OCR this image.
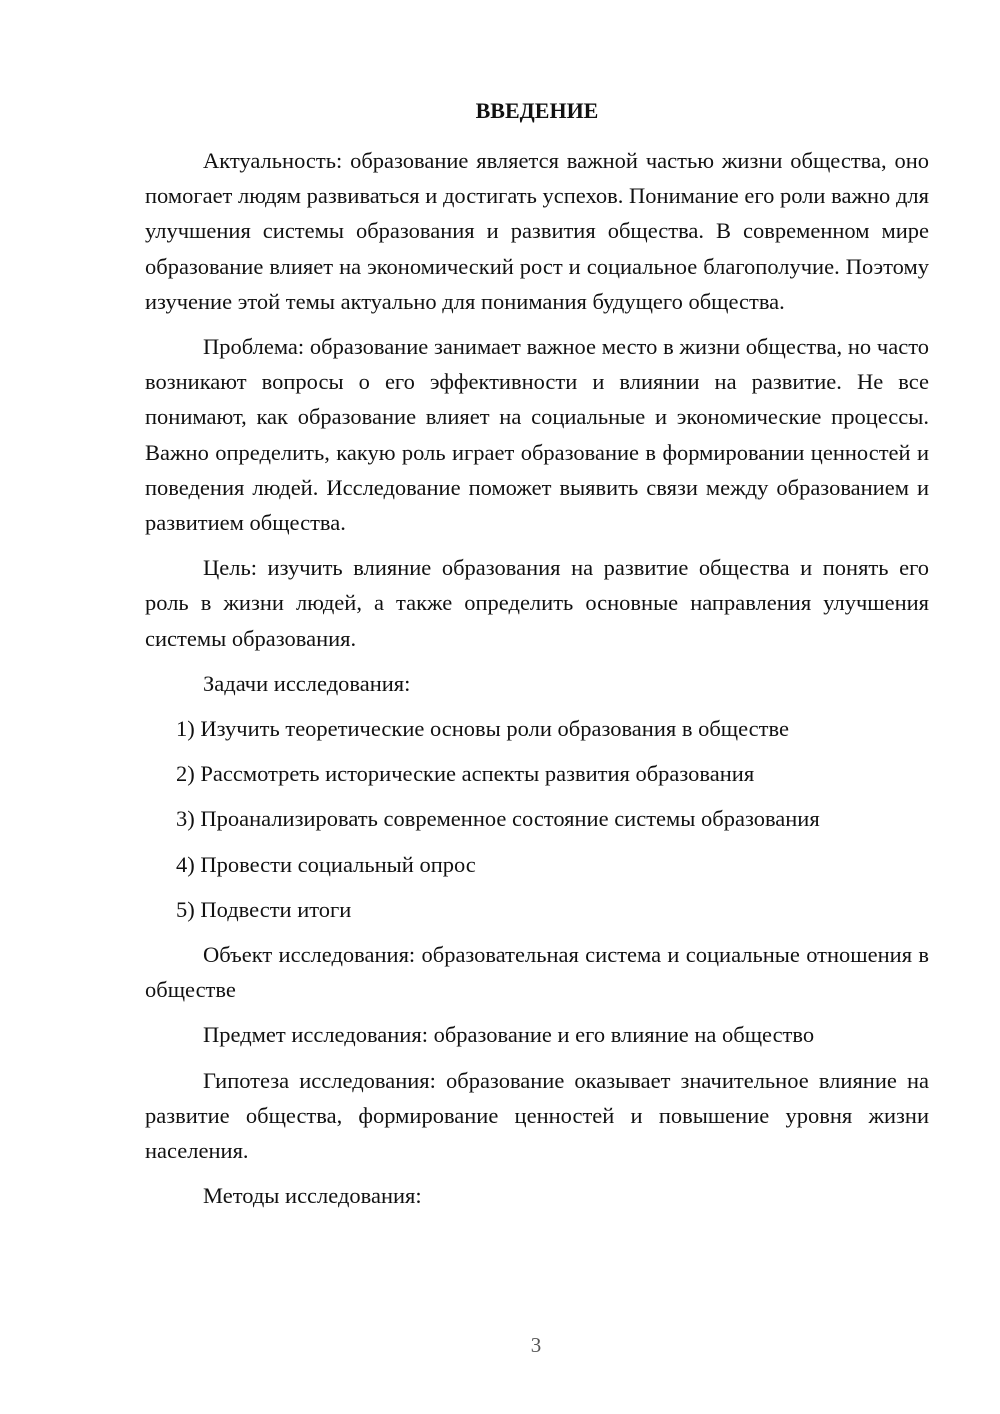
ВВЕДЕНИЕ

Актуальность: образование является важной частью жизни общества, оно помогает людям развиваться и достигать успехов. Понимание его роли важно для улучшения системы образования и развития общества. В современном мире образование влияет на экономический рост и социальное благополучие. Поэтому изучение этой темы актуально для понимания будущего общества.

Проблема: образование занимает важное место в жизни общества, но часто возникают вопросы о его эффективности и влиянии на развитие. Не все понимают, как образование влияет на социальные и экономические процессы. Важно определить, какую роль играет образование в формировании ценностей и поведения людей. Исследование поможет выявить связи между образованием и развитием общества.

Цель: изучить влияние образования на развитие общества и понять его роль в жизни людей, а также определить основные направления улучшения системы образования.

Задачи исследования:

1) Изучить теоретические основы роли образования в обществе

2) Рассмотреть исторические аспекты развития образования

3) Проанализировать современное состояние системы образования

4) Провести социальный опрос

5) Подвести итоги

Объект исследования: образовательная система и социальные отношения в обществе

Предмет исследования: образование и его влияние на общество

Гипотеза исследования: образование оказывает значительное влияние на развитие общества, формирование ценностей и повышение уровня жизни населения.

Методы исследования:

3
